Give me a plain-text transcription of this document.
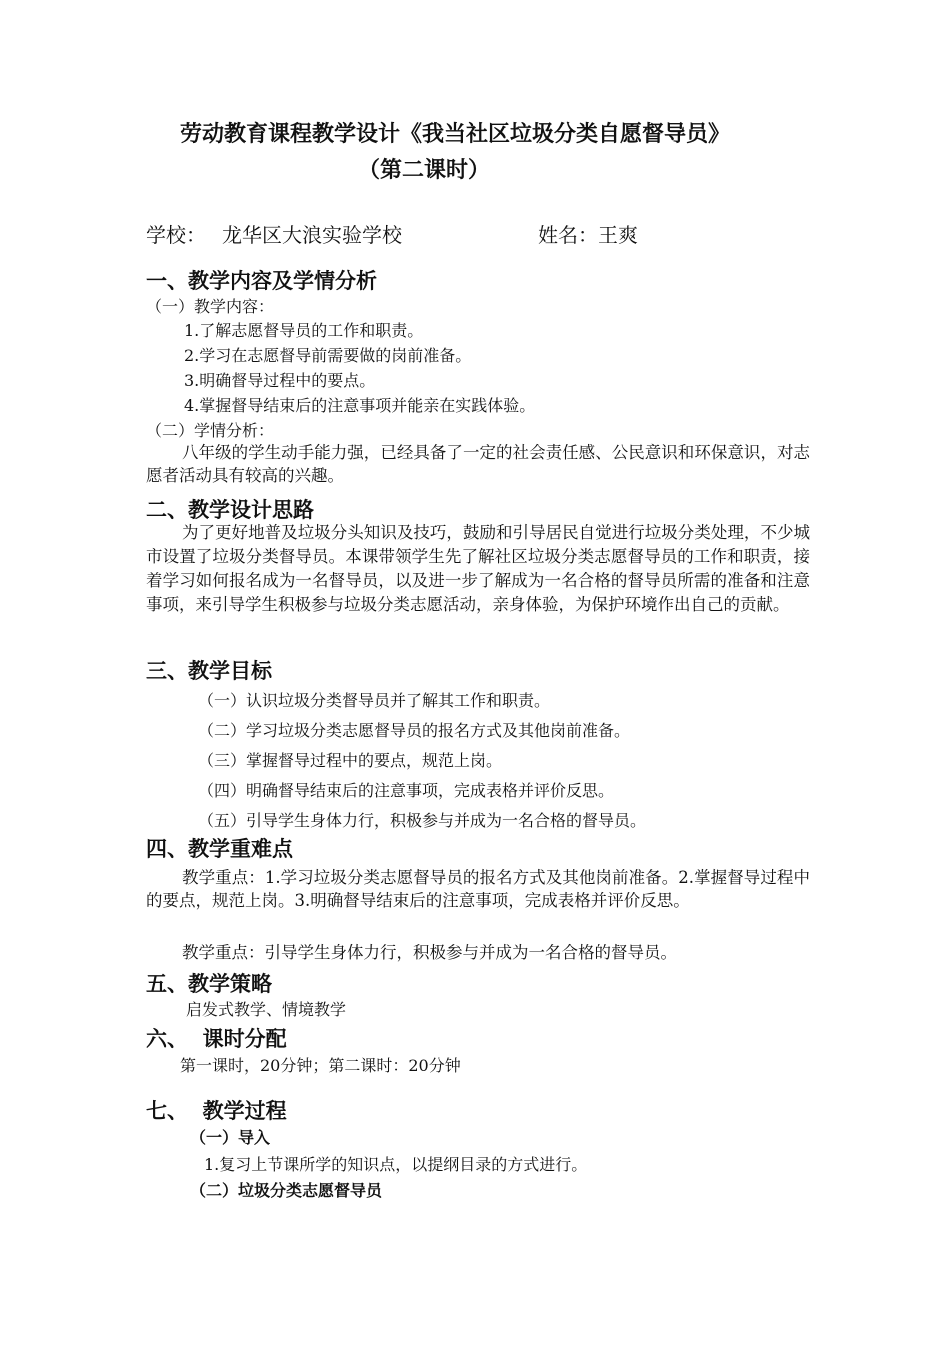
劳动教育课程教学设计《我当社区垃圾分类自愿督导员》
（第二课时）
学校： 龙华区大浪实验学校	姓名： 王爽
一、教学内容及学情分析
（一）教学内容：
1.了解志愿督导员的工作和职责。
2.学习在志愿督导前需要做的岗前准备。
3.明确督导过程中的要点。
4.掌握督导结束后的注意事项并能亲在实践体验。
（二）学情分析：
八年级的学生动手能力强，已经具备了一定的社会责任感、公民意识和环保意识，对志愿者活动具有较高的兴趣。
二、教学设计思路
为了更好地普及垃圾分头知识及技巧，鼓励和引导居民自觉进行垃圾分类处理，不少城市设置了垃圾分类督导员。本课带领学生先了解社区垃圾分类志愿督导员的工作和职责，接着学习如何报名成为一名督导员，以及进一步了解成为一名合格的督导员所需的准备和注意事项，来引导学生积极参与垃圾分类志愿活动，亲身体验，为保护环境作出自己的贡献。
三、教学目标
（一）认识垃圾分类督导员并了解其工作和职责。
（二）学习垃圾分类志愿督导员的报名方式及其他岗前准备。
（三）掌握督导过程中的要点，规范上岗。
（四）明确督导结束后的注意事项，完成表格并评价反思。
（五）引导学生身体力行，积极参与并成为一名合格的督导员。
四、教学重难点
教学重点：1.学习垃圾分类志愿督导员的报名方式及其他岗前准备。2.掌握督导过程中的要点，规范上岗。3.明确督导结束后的注意事项，完成表格并评价反思。
教学重点：引导学生身体力行，积极参与并成为一名合格的督导员。
五、教学策略
启发式教学、情境教学
六、  课时分配
第一课时，20分钟；第二课时：20分钟
七、  教学过程
（一）导入
1.复习上节课所学的知识点，以提纲目录的方式进行。
（二）垃圾分类志愿督导员
